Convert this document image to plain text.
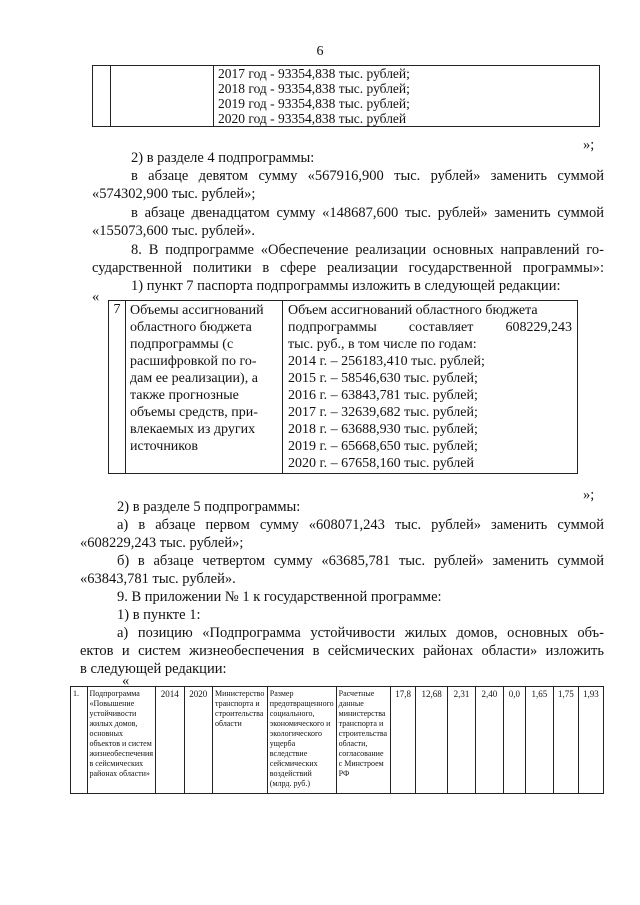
6

2017 год - 93354,838 тыс. рублей;
2018 год - 93354,838 тыс. рублей;
2019 год - 93354,838 тыс. рублей;
2020 год - 93354,838 тыс. рублей
»;
2) в разделе 4 подпрограммы:
в абзаце девятом сумму «567916,900 тыс. рублей» заменить суммой
«574302,900 тыс. рублей»;
в абзаце двенадцатом сумму «148687,600 тыс. рублей» заменить суммой
«155073,600 тыс. рублей».
8. В подпрограмме «Обеспечение реализации основных направлений го-
сударственной политики в сфере реализации государственной программы»:
1) пункт 7 паспорта подпрограммы изложить в следующей редакции:
«
7	Объемы ассигнований
областного бюджета
подпрограммы (с
расшифровкой по го-
дам ее реализации), а
также прогнозные
объемы средств, при-
влекаемых из других
источников

Объем ассигнований областного бюджета
подпрограммы составляет 608229,243
тыс. руб., в том числе по годам:
2014 г. – 256183,410 тыс. рублей;
2015 г. – 58546,630 тыс. рублей;
2016 г. – 63843,781 тыс. рублей;
2017 г. – 32639,682 тыс. рублей;
2018 г. – 63688,930 тыс. рублей;
2019 г. – 65668,650 тыс. рублей;
2020 г. – 67658,160 тыс. рублей
»;
2) в разделе 5 подпрограммы:
а) в абзаце первом сумму «608071,243 тыс. рублей» заменить суммой
«608229,243 тыс. рублей»;
б) в абзаце четвертом сумму «63685,781 тыс. рублей» заменить суммой
«63843,781 тыс. рублей».
9. В приложении № 1 к государственной программе:
1) в пункте 1:
а) позицию «Подпрограмма устойчивости жилых домов, основных объ-
ектов и систем жизнеобеспечения в сейсмических районах области» изложить
в следующей редакции:
«
1.	Подпрограмма «Повышение устойчивости жилых домов, основных объектов и систем жизнеобеспечения в сейсмических районах области»	2014	2020	Министерство транспорта и строительства области	Размер предотвращенного социального, экономического и экологического ущерба вследствие сейсмических воздействий (млрд. руб.)	Расчетные данные министерства транспорта и строительства области, согласование с Минстроем РФ	17,8	12,68	2,31	2,40	0,0	1,65	1,75	1,93
